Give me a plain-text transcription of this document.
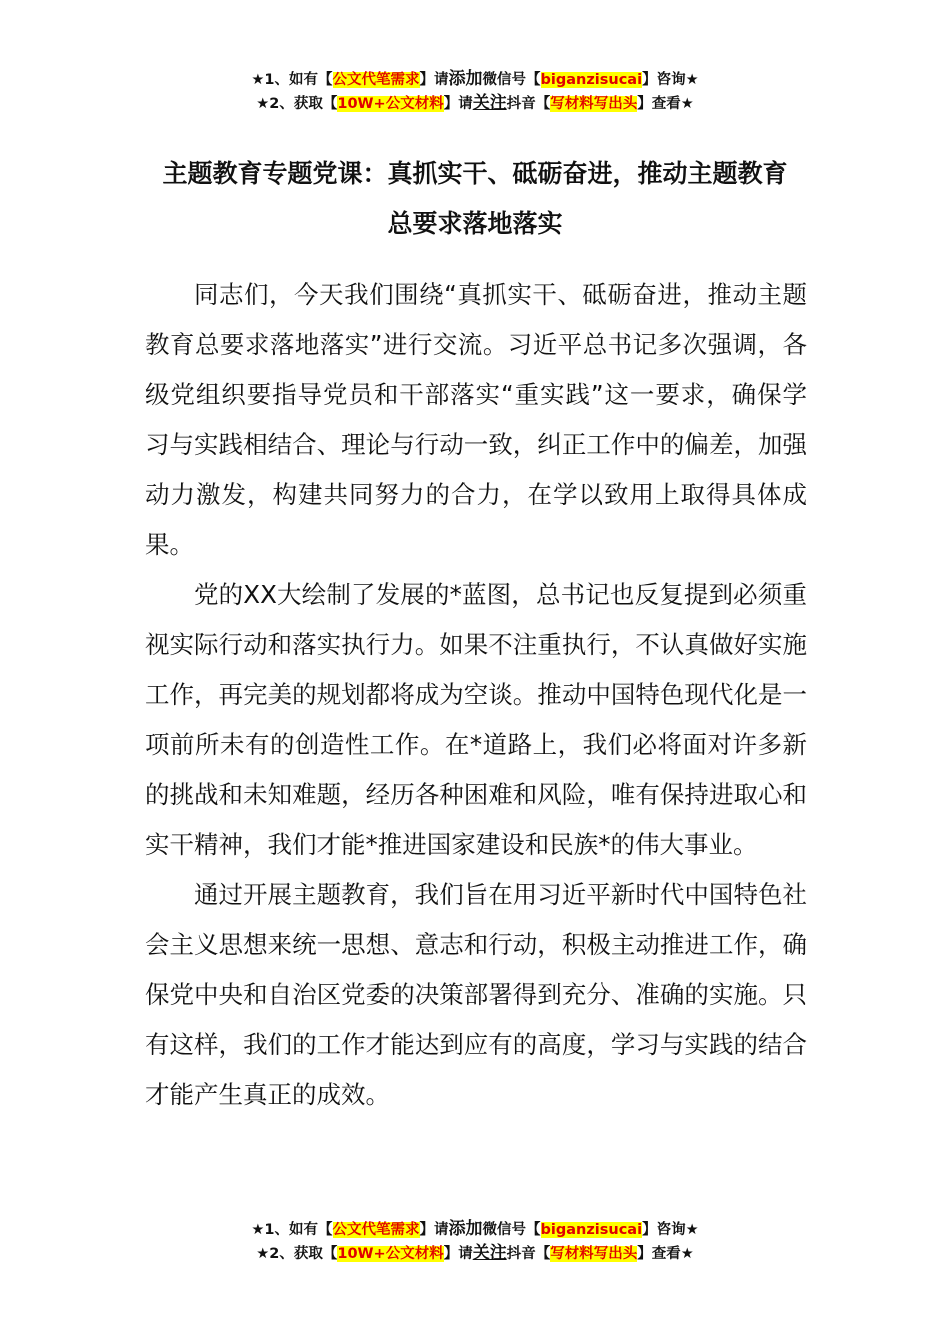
★1、如有【公文代笔需求】请添加微信号【biganzisucai】咨询★
★2、获取【10W+公文材料】请关注抖音【写材料写出头】查看★
主题教育专题党课：真抓实干、砥砺奋进，推动主题教育
总要求落地落实

同志们，今天我们围绕“真抓实干、砥砺奋进，推动主题教育总要求落地落实”进行交流。习近平总书记多次强调，各级党组织要指导党员和干部落实“重实践”这一要求，确保学习与实践相结合、理论与行动一致，纠正工作中的偏差，加强动力激发，构建共同努力的合力，在学以致用上取得具体成果。

党的XX大绘制了发展的*蓝图，总书记也反复提到必须重视实际行动和落实执行力。如果不注重执行，不认真做好实施工作，再完美的规划都将成为空谈。推动中国特色现代化是一项前所未有的创造性工作。在*道路上，我们必将面对许多新的挑战和未知难题，经历各种困难和风险，唯有保持进取心和实干精神，我们才能*推进国家建设和民族*的伟大事业。

通过开展主题教育，我们旨在用习近平新时代中国特色社会主义思想来统一思想、意志和行动，积极主动推进工作，确保党中央和自治区党委的决策部署得到充分、准确的实施。只有这样，我们的工作才能达到应有的高度，学习与实践的结合才能产生真正的成效。

★1、如有【公文代笔需求】请添加微信号【biganzisucai】咨询★
★2、获取【10W+公文材料】请关注抖音【写材料写出头】查看★
